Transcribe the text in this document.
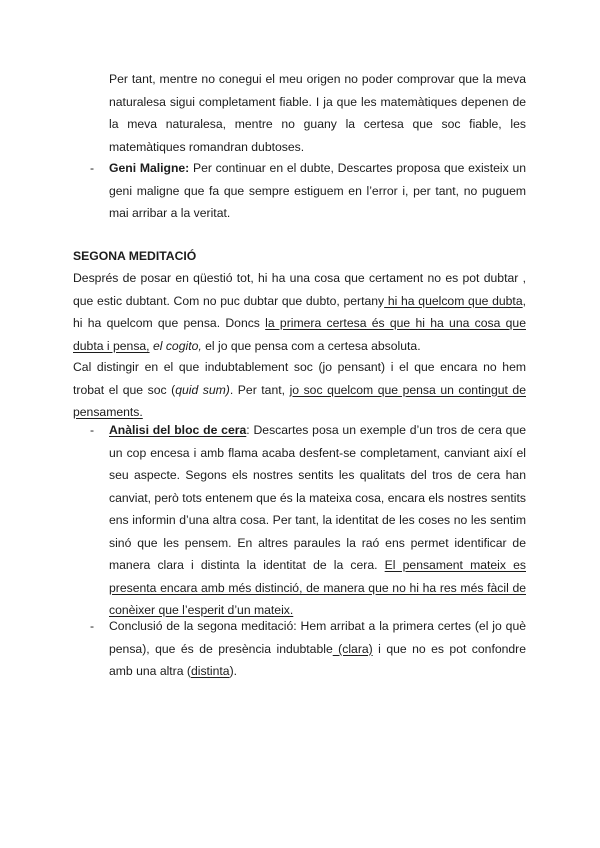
Per tant, mentre no conegui el meu origen no poder comprovar que la meva naturalesa sigui completament fiable. I ja que les matemàtiques depenen de la meva naturalesa, mentre no guany la certesa que soc fiable, les matemàtiques romandran dubtoses.

- Geni Maligne: Per continuar en el dubte, Descartes proposa que existeix un geni maligne que fa que sempre estiguem en l’error i, per tant, no puguem mai arribar a la veritat.

SEGONA MEDITACIÓ

Després de posar en qüestió tot, hi ha una cosa que certament no es pot dubtar , que estic dubtant. Com no puc dubtar que dubto, pertany hi ha quelcom que dubta, hi ha quelcom que pensa. Doncs la primera certesa és que hi ha una cosa que dubta i pensa, el cogito, el jo que pensa com a certesa absoluta.

Cal distingir en el que indubtablement soc (jo pensant) i el que encara no hem trobat el que soc (quid sum). Per tant, jo soc quelcom que pensa un contingut de pensaments.

- Anàlisi del bloc de cera: Descartes posa un exemple d’un tros de cera que un cop encesa i amb flama acaba desfent-se completament, canviant així el seu aspecte. Segons els nostres sentits les qualitats del tros de cera han canviat, però tots entenem que és la mateixa cosa, encara els nostres sentits ens informin d’una altra cosa. Per tant, la identitat de les coses no les sentim sinó que les pensem. En altres paraules la raó ens permet identificar de manera clara i distinta la identitat de la cera. El pensament mateix es presenta encara amb més distinció, de manera que no hi ha res més fàcil de conèixer que l’esperit d’un mateix.

- Conclusió de la segona meditació: Hem arribat a la primera certes (el jo què pensa), que és de presència indubtable (clara) i que no es pot confondre amb una altra (distinta).
